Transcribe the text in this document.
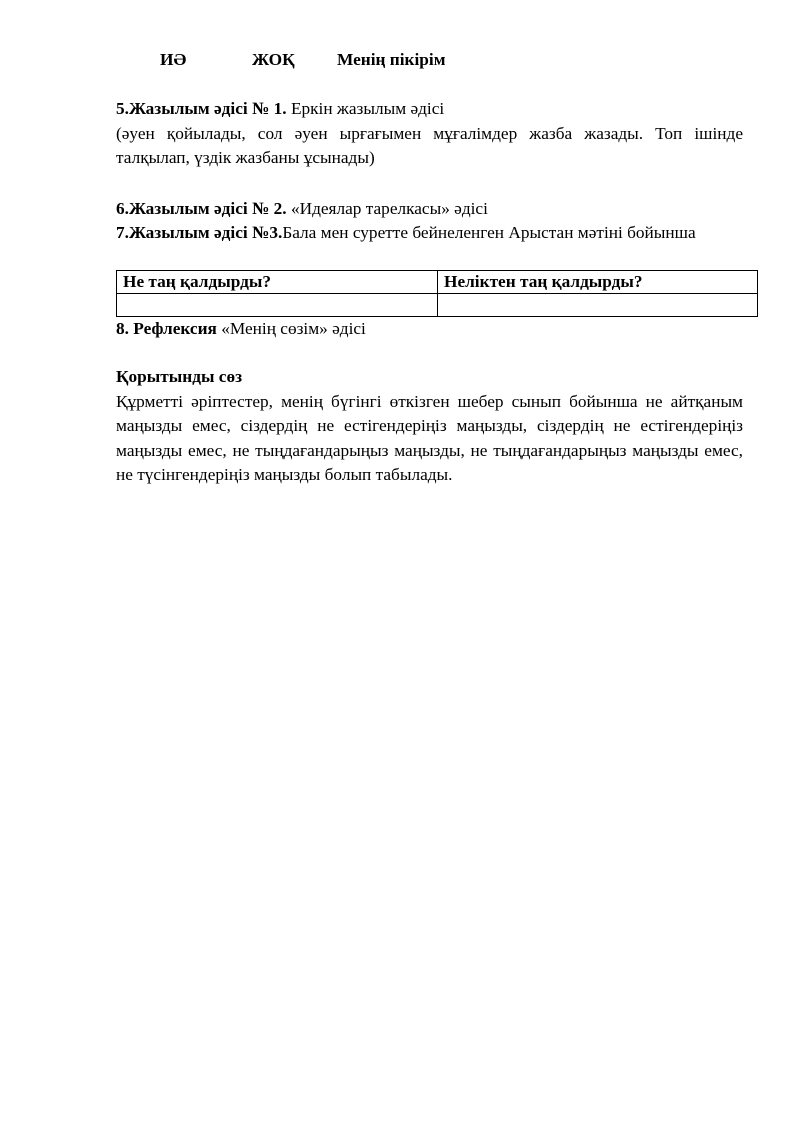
ИӘ	ЖОҚ Менің пікірім
5.Жазылым әдісі № 1. Еркін жазылым әдісі
(әуен қойылады, сол әуен ырғағымен мұғалімдер жазба жазады. Топ ішінде талқылап, үздік жазбаны ұсынады)
6.Жазылым әдісі № 2. «Идеялар тарелкасы» әдісі
7.Жазылым әдісі №3.Бала мен суретте бейнеленген Арыстан мәтіні бойынша
Не таң қалдырды?	Неліктен таң қалдырды?

8. Рефлексия «Менің сөзім» әдісі
Қорытынды сөз
Құрметті әріптестер, менің бүгінгі өткізген шебер сынып бойынша не айтқаным маңызды емес, сіздердің не естігендеріңіз маңызды, сіздердің не естігендеріңіз маңызды емес, не тыңдағандарыңыз маңызды, не тыңдағандарыңыз маңызды емес, не түсінгендеріңіз маңызды болып табылады.
